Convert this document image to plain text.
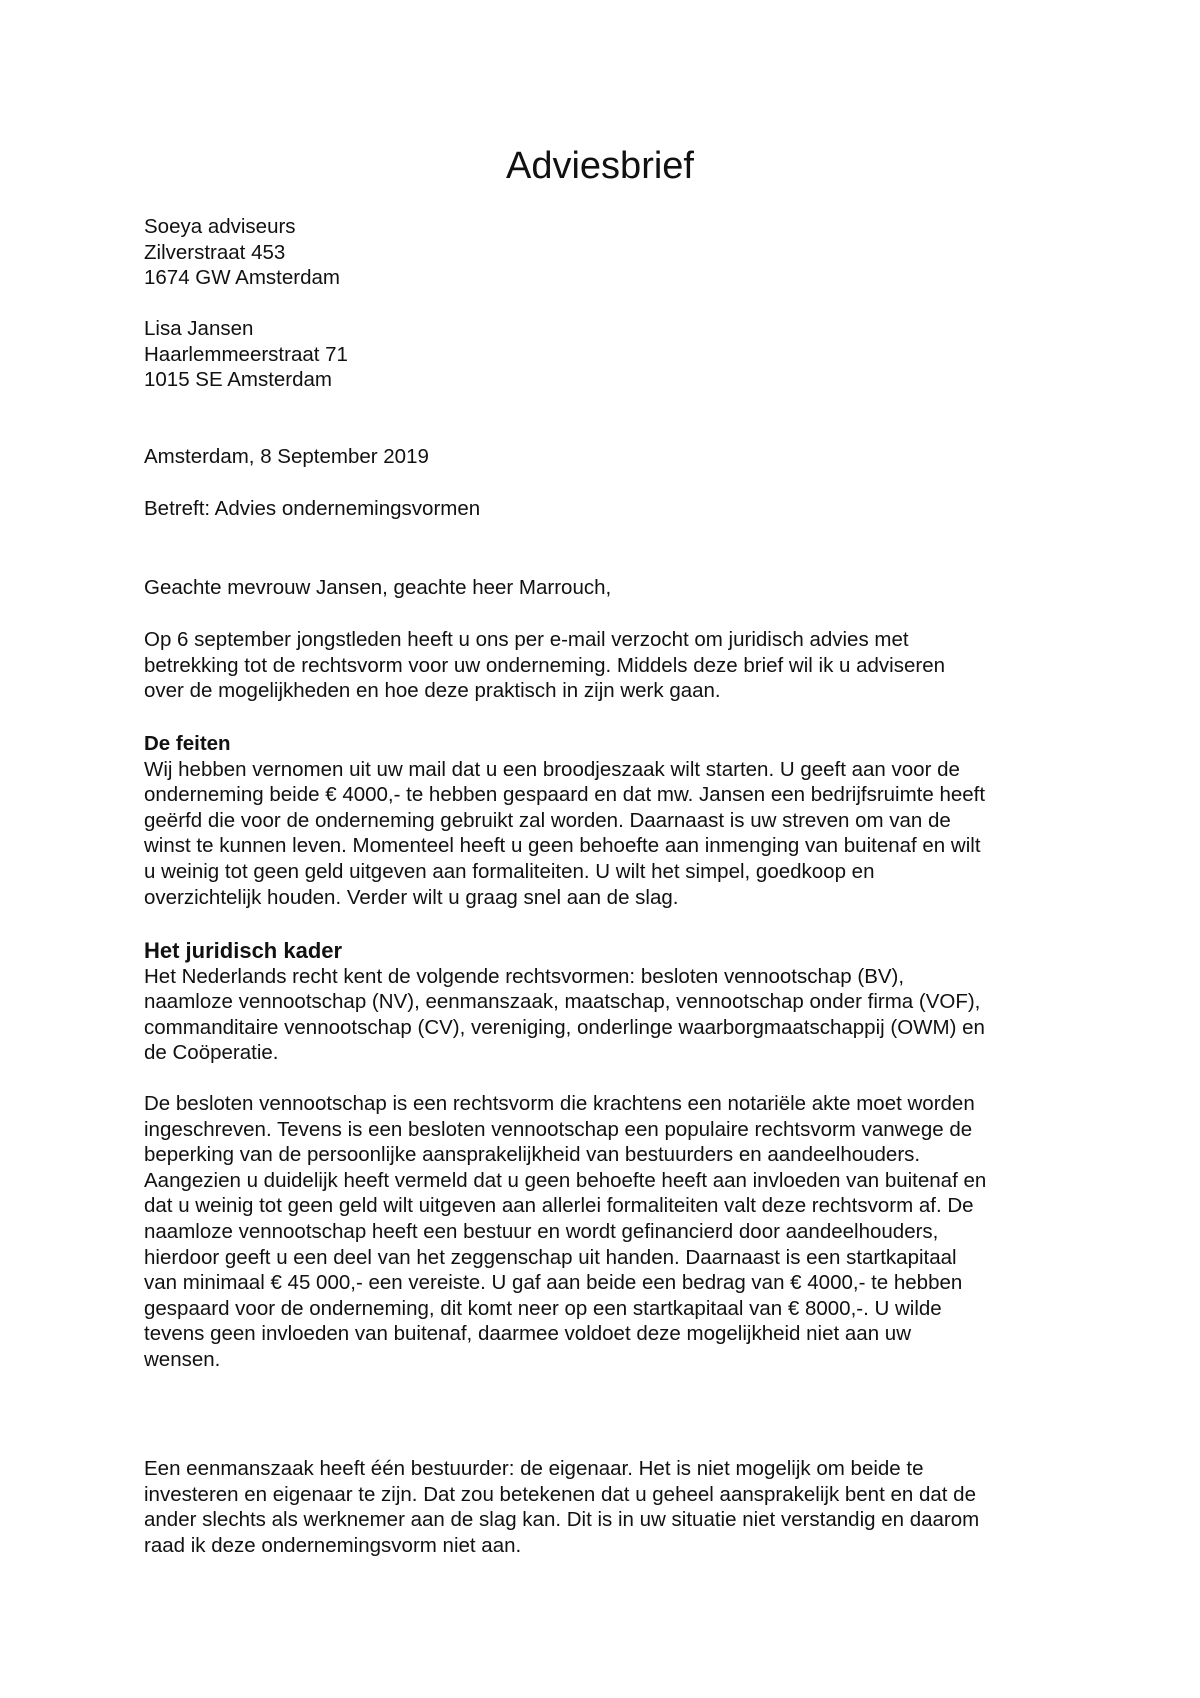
Adviesbrief
Soeya adviseurs
Zilverstraat 453
1674 GW Amsterdam
Lisa Jansen
Haarlemmeerstraat 71
1015 SE Amsterdam
Amsterdam, 8 September 2019
Betreft: Advies ondernemingsvormen
Geachte mevrouw Jansen, geachte heer Marrouch,
Op 6 september jongstleden heeft u ons per e-mail verzocht om juridisch advies met
betrekking tot de rechtsvorm voor uw onderneming. Middels deze brief wil ik u adviseren
over de mogelijkheden en hoe deze praktisch in zijn werk gaan.
De feiten
Wij hebben vernomen uit uw mail dat u een broodjeszaak wilt starten. U geeft aan voor de
onderneming beide € 4000,- te hebben gespaard en dat mw. Jansen een bedrijfsruimte heeft
geërfd die voor de onderneming gebruikt zal worden. Daarnaast is uw streven om van de
winst te kunnen leven. Momenteel heeft u geen behoefte aan inmenging van buitenaf en wilt
u weinig tot geen geld uitgeven aan formaliteiten. U wilt het simpel, goedkoop en
overzichtelijk houden. Verder wilt u graag snel aan de slag.
Het juridisch kader
Het Nederlands recht kent de volgende rechtsvormen: besloten vennootschap (BV),
naamloze vennootschap (NV), eenmanszaak, maatschap, vennootschap onder firma (VOF),
commanditaire vennootschap (CV), vereniging, onderlinge waarborgmaatschappij (OWM) en
de Coöperatie.
De besloten vennootschap is een rechtsvorm die krachtens een notariële akte moet worden
ingeschreven. Tevens is een besloten vennootschap een populaire rechtsvorm vanwege de
beperking van de persoonlijke aansprakelijkheid van bestuurders en aandeelhouders.
Aangezien u duidelijk heeft vermeld dat u geen behoefte heeft aan invloeden van buitenaf en
dat u weinig tot geen geld wilt uitgeven aan allerlei formaliteiten valt deze rechtsvorm af. De
naamloze vennootschap heeft een bestuur en wordt gefinancierd door aandeelhouders,
hierdoor geeft u een deel van het zeggenschap uit handen. Daarnaast is een startkapitaal
van minimaal € 45 000,- een vereiste. U gaf aan beide een bedrag van € 4000,- te hebben
gespaard voor de onderneming, dit komt neer op een startkapitaal van € 8000,-. U wilde
tevens geen invloeden van buitenaf, daarmee voldoet deze mogelijkheid niet aan uw
wensen.
Een eenmanszaak heeft één bestuurder: de eigenaar. Het is niet mogelijk om beide te
investeren en eigenaar te zijn. Dat zou betekenen dat u geheel aansprakelijk bent en dat de
ander slechts als werknemer aan de slag kan. Dit is in uw situatie niet verstandig en daarom
raad ik deze ondernemingsvorm niet aan.
